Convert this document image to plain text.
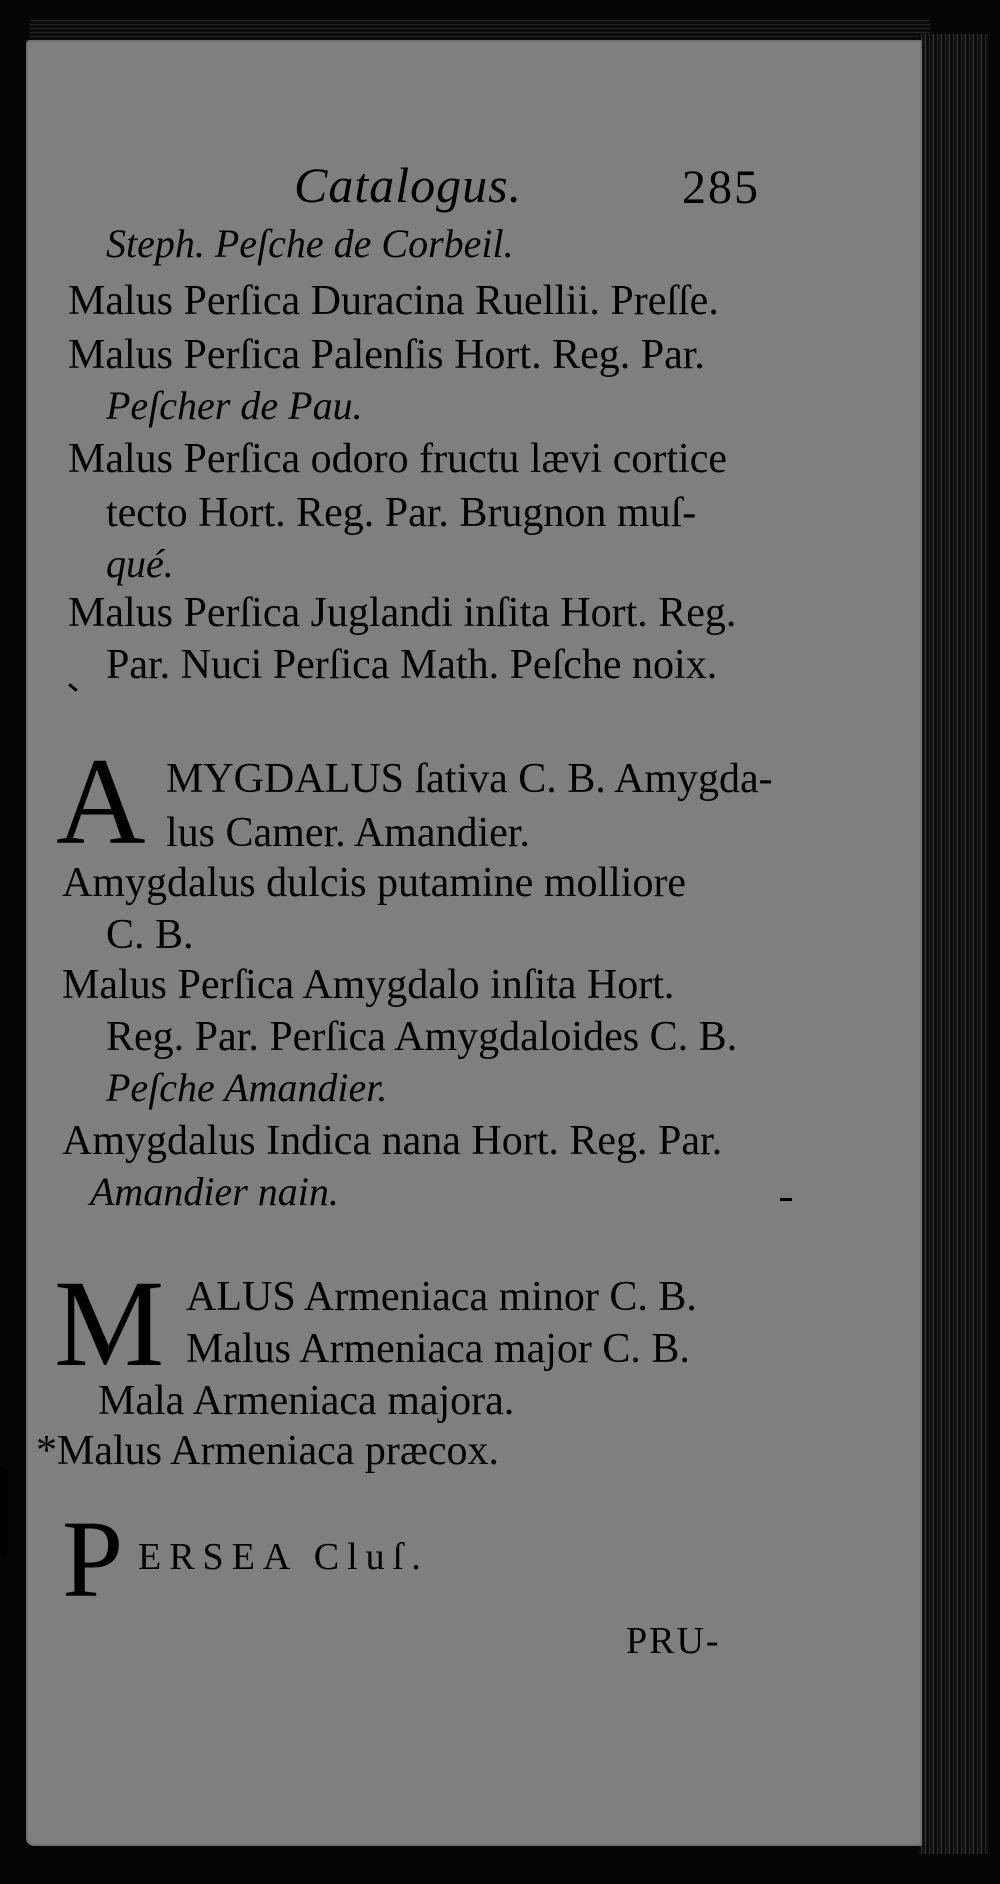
Catalogus.	285
Steph. Peſche de Corbeil.
Malus Perſica Duracina Ruellii. Preſſe.
Malus Perſica Palenſis Hort. Reg. Par.
Peſcher de Pau.
Malus Perſica odoro fructu lævi cortice
tecto Hort. Reg. Par. Brugnon muſ-
qué.
Malus Perſica Juglandi inſita Hort. Reg.
Par. Nuci Perſica Math. Peſche noix.
A MYGDALUS ſativa C. B. Amygda-
lus Camer. Amandier.
Amygdalus dulcis putamine molliore
C. B.
Malus Perſica Amygdalo inſita Hort.
Reg. Par. Perſica Amygdaloides C. B.
Peſche Amandier.
Amygdalus Indica nana Hort. Reg. Par.
Amandier nain.
M ALUS Armeniaca minor C. B.
Malus Armeniaca major C. B.
Mala Armeniaca majora.
*Malus Armeniaca præcox.
P ERSEA Cluſ.
PRU-
